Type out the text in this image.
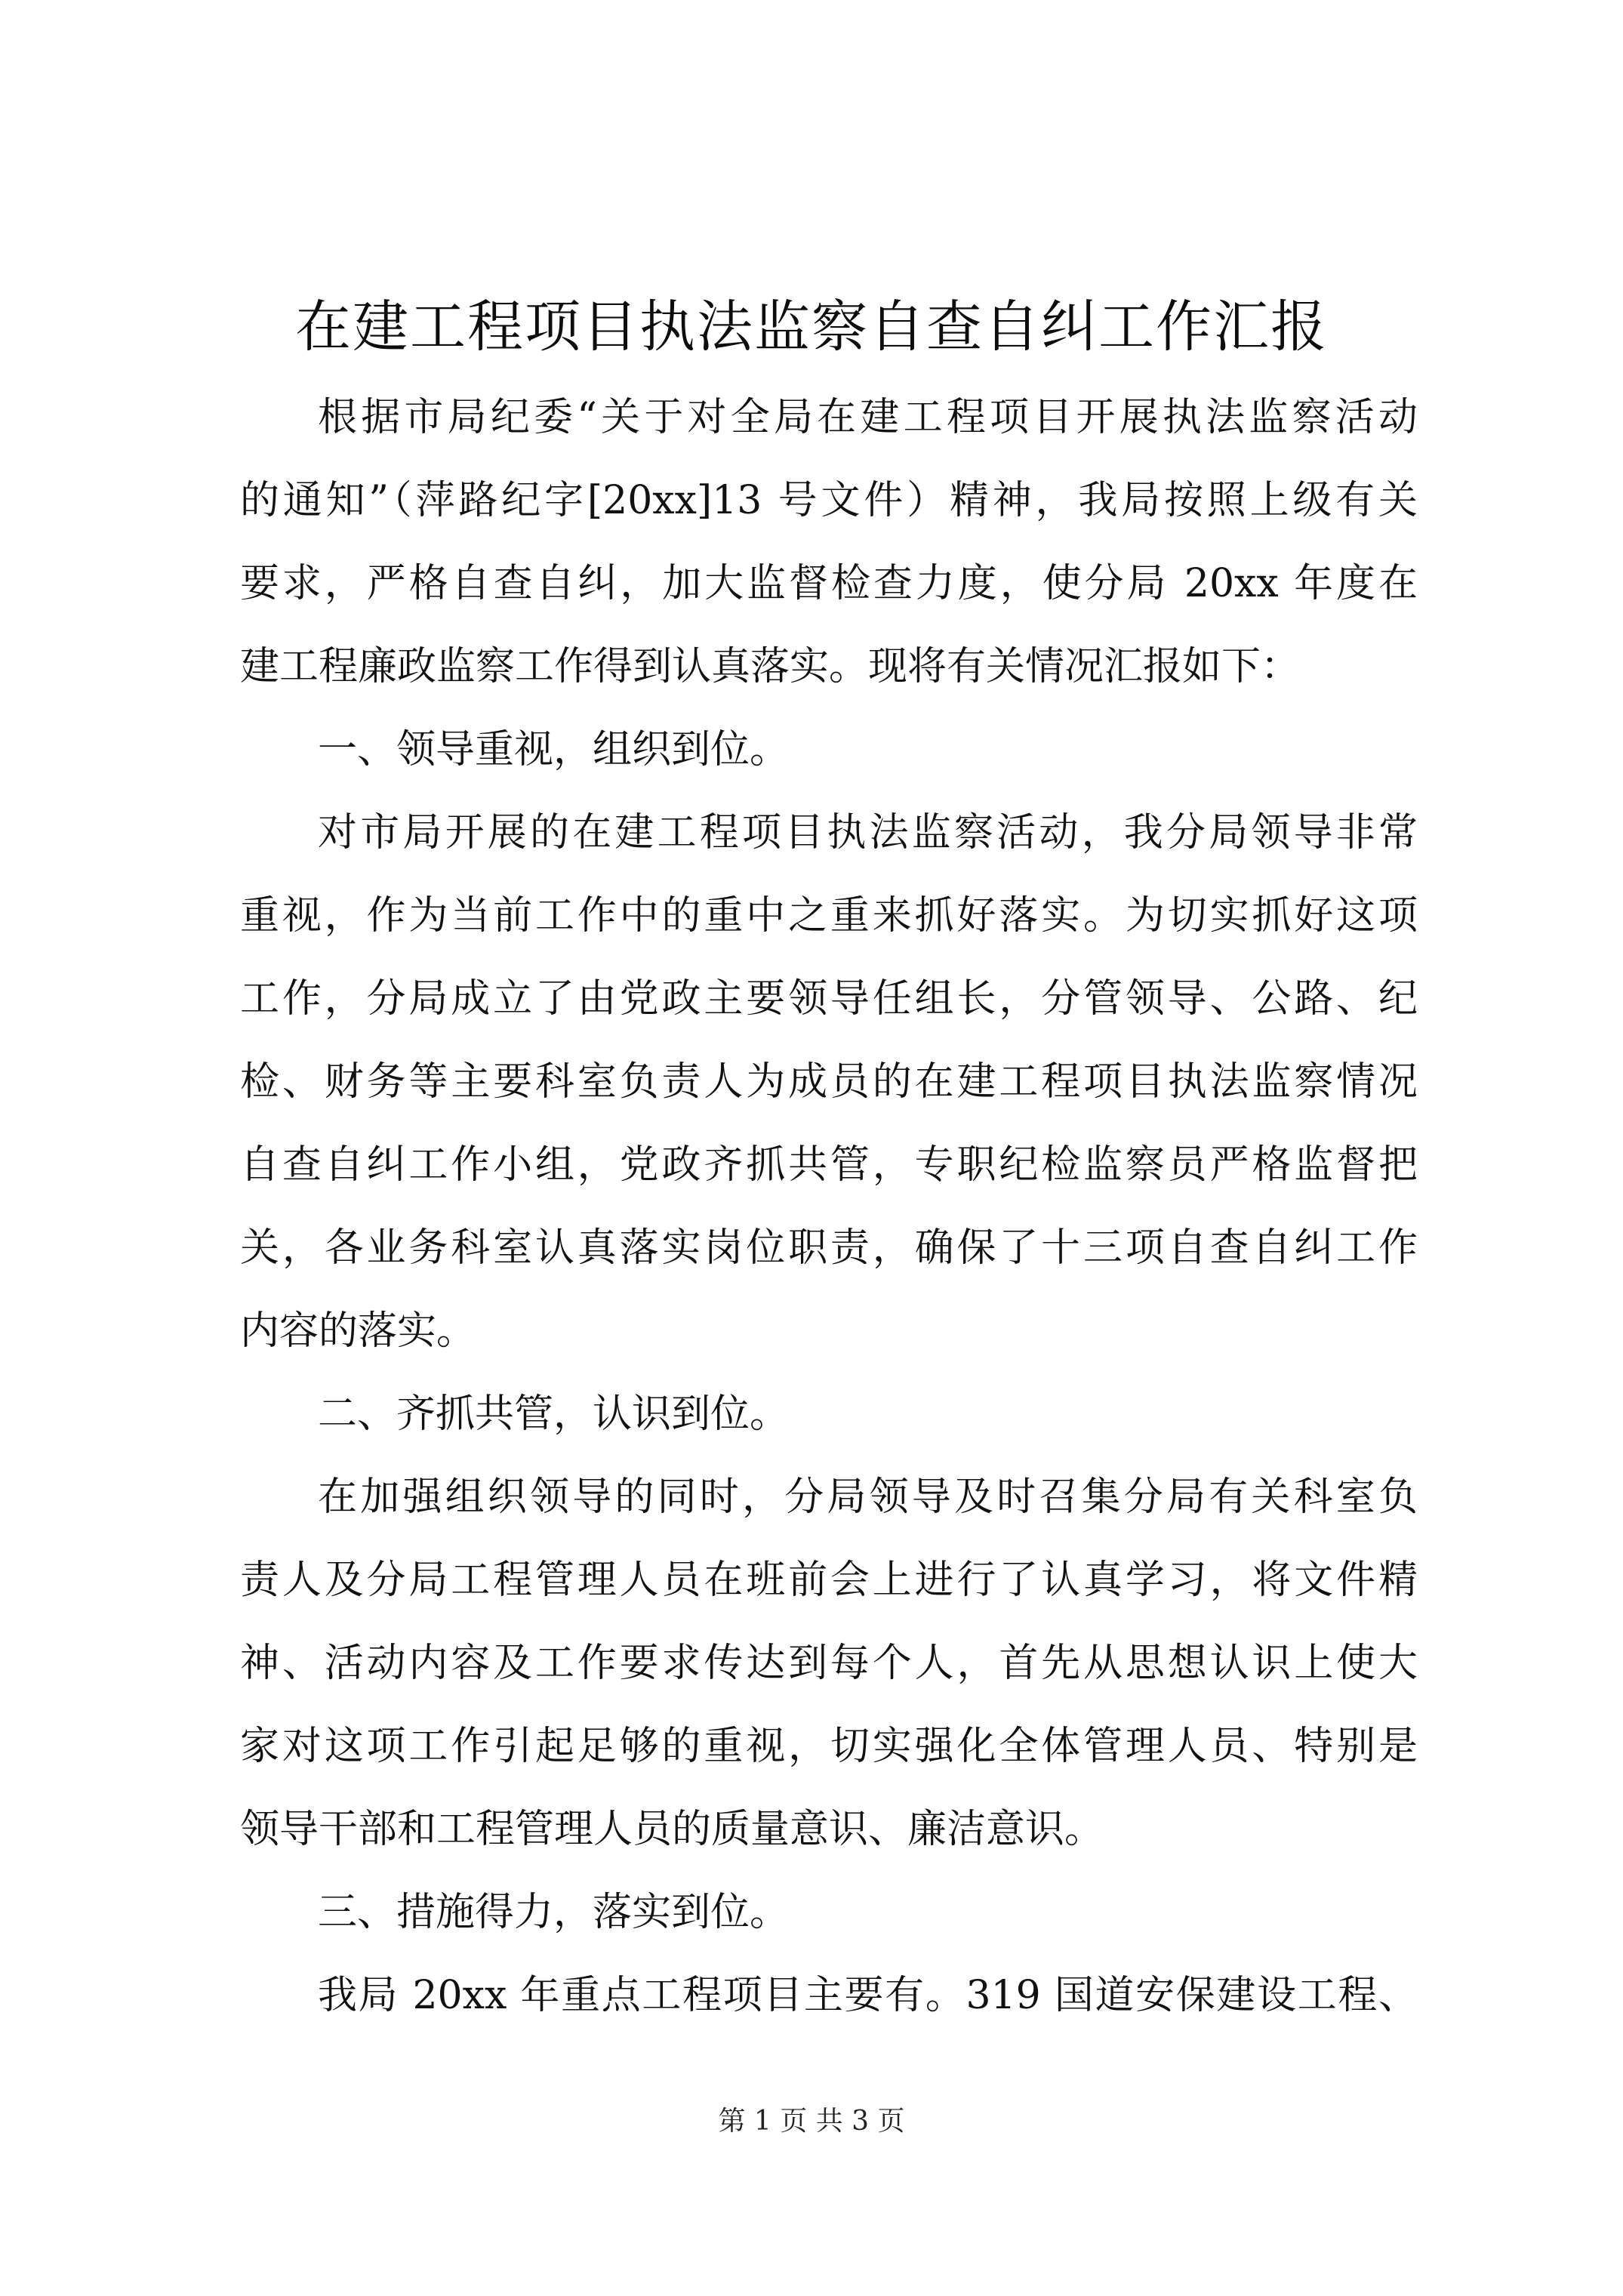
在建工程项目执法监察自查自纠工作汇报
根据市局纪委“关于对全局在建工程项目开展执法监察活动
的通知”（萍路纪字[20xx]13 号文件）精神，我局按照上级有关
要求，严格自查自纠，加大监督检查力度，使分局 20xx 年度在
建工程廉政监察工作得到认真落实。现将有关情况汇报如下：
一、领导重视，组织到位。
对市局开展的在建工程项目执法监察活动，我分局领导非常
重视，作为当前工作中的重中之重来抓好落实。为切实抓好这项
工作，分局成立了由党政主要领导任组长，分管领导、公路、纪
检、财务等主要科室负责人为成员的在建工程项目执法监察情况
自查自纠工作小组，党政齐抓共管，专职纪检监察员严格监督把
关，各业务科室认真落实岗位职责，确保了十三项自查自纠工作
内容的落实。
二、齐抓共管，认识到位。
在加强组织领导的同时，分局领导及时召集分局有关科室负
责人及分局工程管理人员在班前会上进行了认真学习，将文件精
神、活动内容及工作要求传达到每个人，首先从思想认识上使大
家对这项工作引起足够的重视，切实强化全体管理人员、特别是
领导干部和工程管理人员的质量意识、廉洁意识。
三、措施得力，落实到位。
我局 20xx 年重点工程项目主要有。319 国道安保建设工程、
第 1 页 共 3 页
